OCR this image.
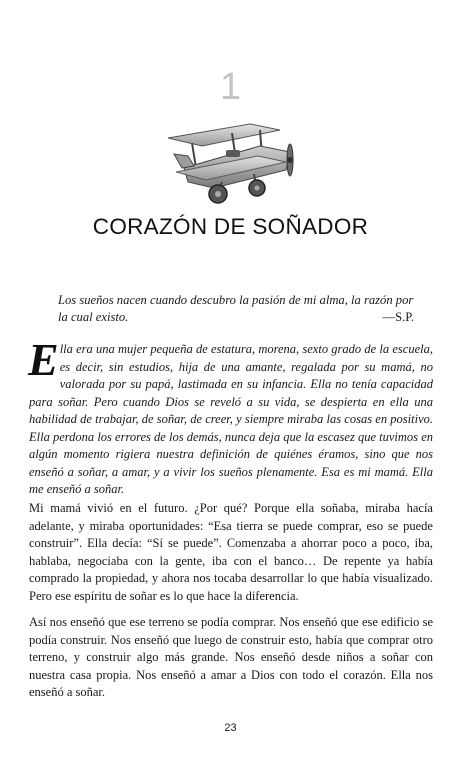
1
CORAZÓN DE SOÑADOR
Los sueños nacen cuando descubro la pasión de mi alma, la razón por la cual existo.	—S.P.

Ella era una mujer pequeña de estatura, morena, sexto grado de la escuela, es decir, sin estudios, hija de una amante, regalada por su mamá, no valorada por su papá, lastimada en su infancia. Ella no tenía capacidad para soñar. Pero cuando Dios se reveló a su vida, se despierta en ella una habilidad de trabajar, de soñar, de creer, y siempre miraba las cosas en positivo. Ella perdona los errores de los demás, nunca deja que la escasez que tuvimos en algún momento rigiera nuestra definición de quiénes éramos, sino que nos enseñó a soñar, a amar, y a vivir los sueños plenamente. Esa es mi mamá. Ella me enseñó a soñar.

Mi mamá vivió en el futuro. ¿Por qué? Porque ella soñaba, miraba hacía adelante, y miraba oportunidades: “Esa tierra se puede comprar, eso se puede construir”. Ella decía: “Sí se puede”. Comenzaba a ahorrar poco a poco, iba, hablaba, negociaba con la gente, iba con el banco… De repente ya había comprado la propiedad, y ahora nos tocaba desarrollar lo que había visualizado. Pero ese espíritu de soñar es lo que hace la diferencia.

Así nos enseñó que ese terreno se podía comprar. Nos enseñó que ese edificio se podía construir. Nos enseñó que luego de construir esto, había que comprar otro terreno, y construir algo más grande. Nos enseñó desde niños a soñar con nuestra casa propia. Nos enseñó a amar a Dios con todo el corazón. Ella nos enseñó a soñar.

23
